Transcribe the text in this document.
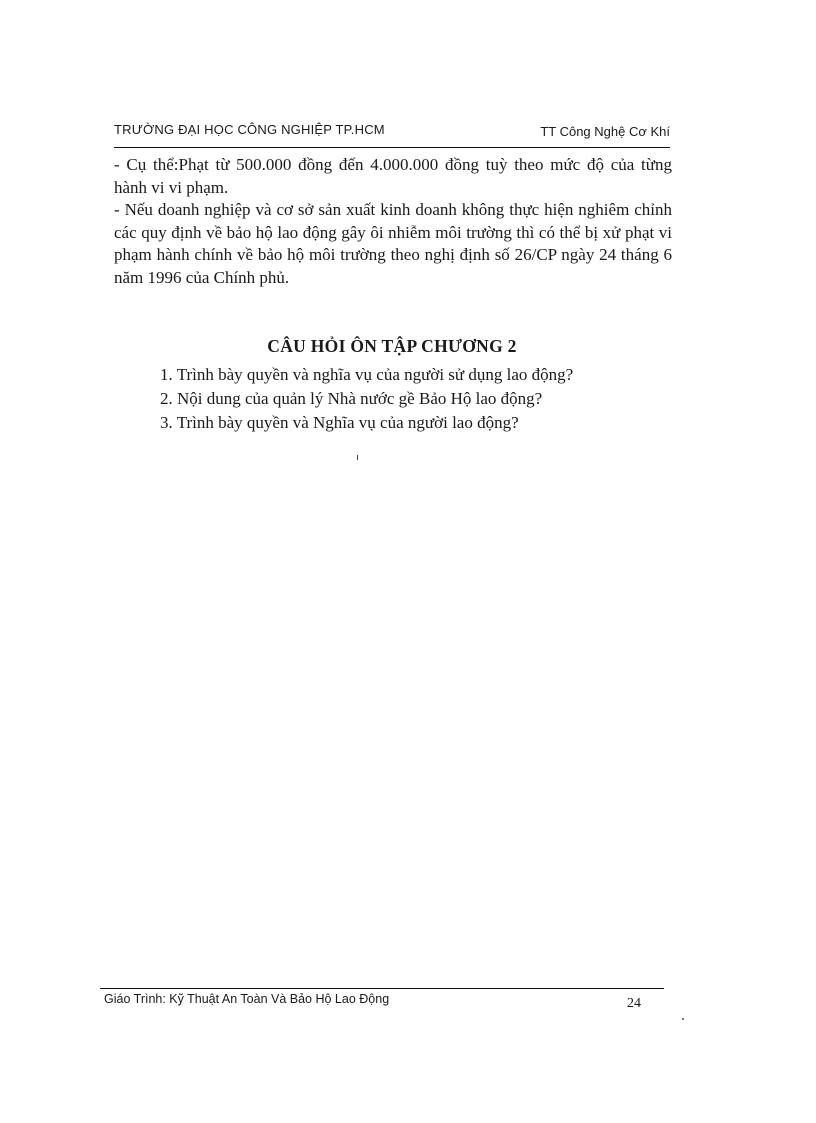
TRƯỜNG ĐẠI HỌC CÔNG NGHIỆP TP.HCM	TT Công Nghệ Cơ Khí

- Cụ thể:Phạt từ 500.000 đồng đến 4.000.000 đồng tuỳ theo mức độ của từng hành vi vi phạm.

- Nếu doanh nghiệp và cơ sở sản xuất kinh doanh không thực hiện nghiêm chỉnh các quy định về bảo hộ lao động gây ôi nhiễm môi trường thì có thể bị xử phạt vi phạm hành chính về bảo hộ môi trường theo nghị định số 26/CP ngày 24 tháng 6 năm 1996 của Chính phủ.

CÂU HỎI ÔN TẬP CHƯƠNG 2
1. Trình bày quyền và nghĩa vụ của người sử dụng lao động?
2. Nội dung của quản lý Nhà nước gề Bảo Hộ lao động?
3. Trình bày quyền và Nghĩa vụ của người lao động?
Giáo Trình: Kỹ Thuật An Toàn Và Bảo Hộ Lao Động	24
